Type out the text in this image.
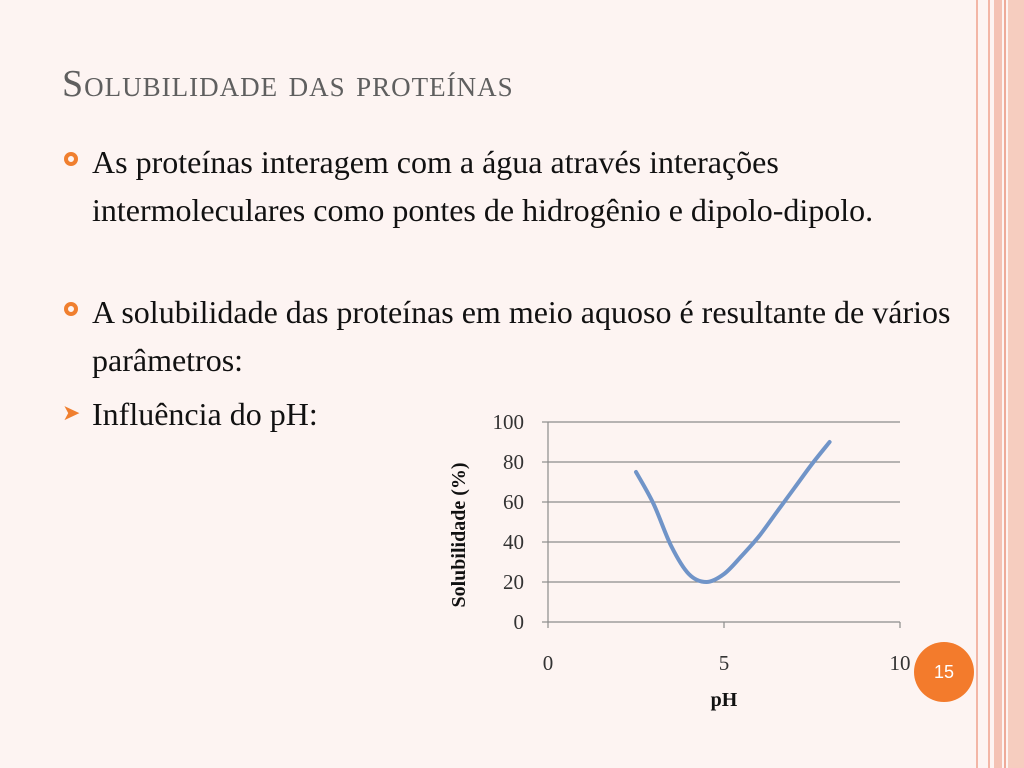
Solubilidade das proteínas
As proteínas interagem com a água através interações intermoleculares como pontes de hidrogênio e dipolo-dipolo.
A solubilidade das proteínas em meio aquoso é resultante de vários parâmetros:
➤ Influência do pH:
0
20
40
60
80
100
0	5	10
pH
Solubilidade (%)
15
